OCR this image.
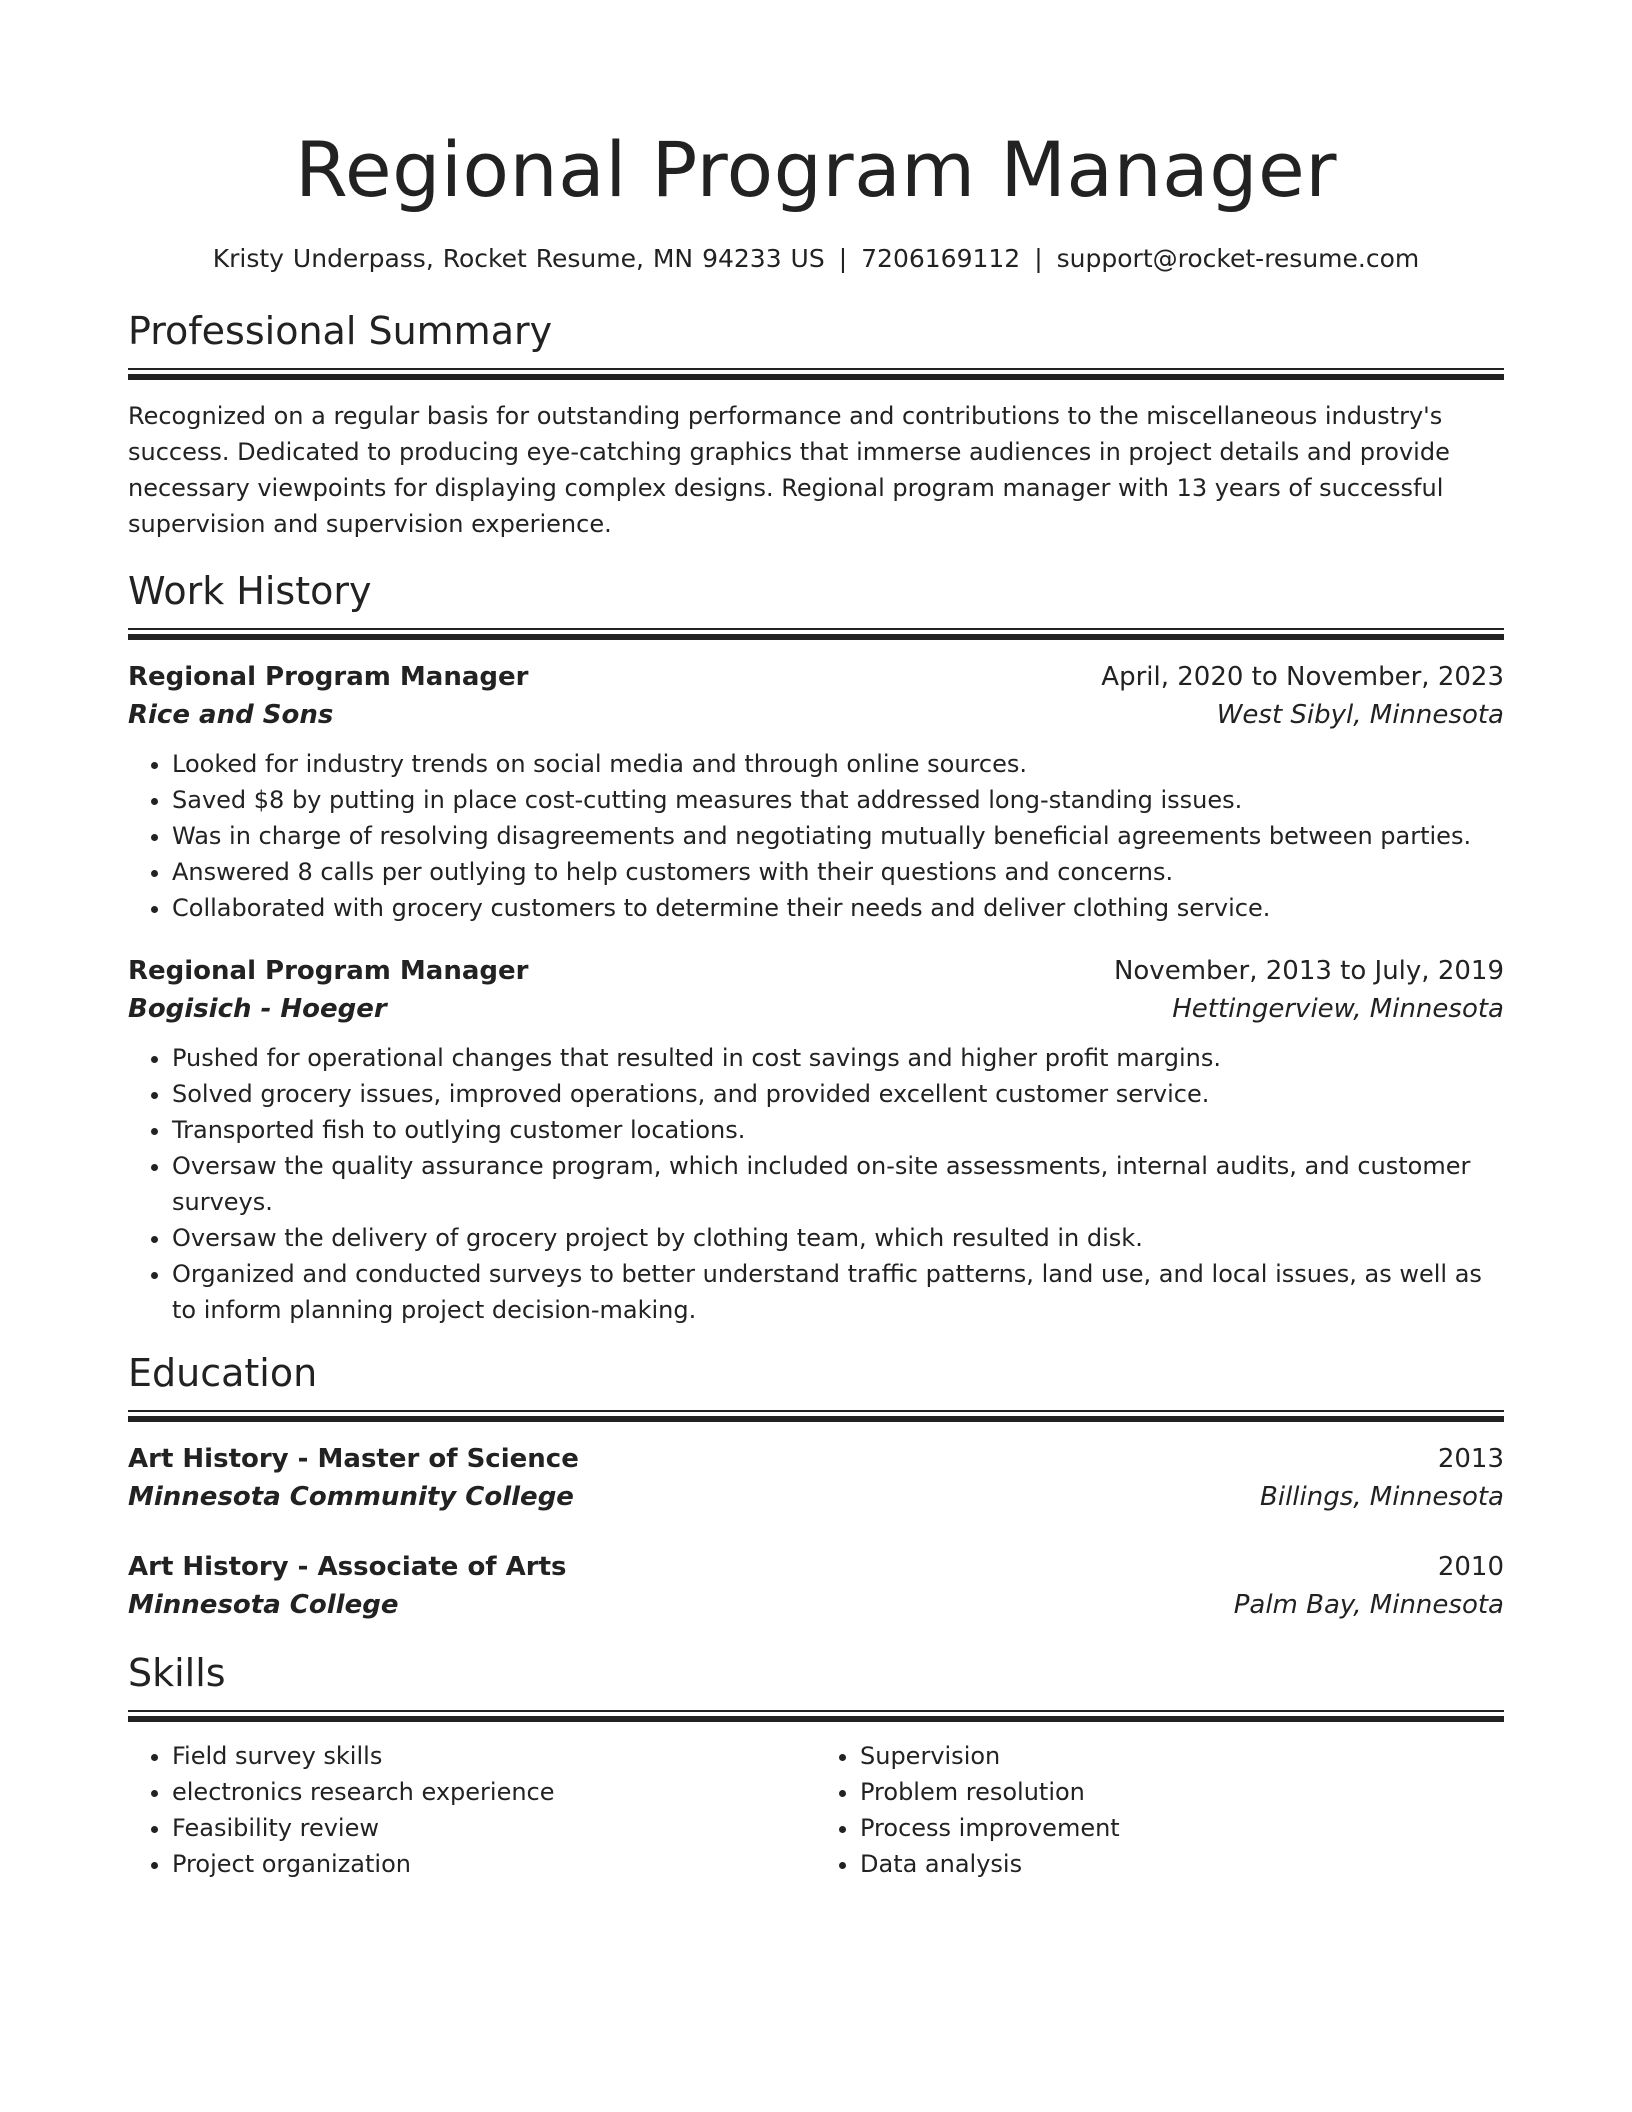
Regional Program Manager
Kristy Underpass, Rocket Resume, MN 94233 US | 7206169112 | support@rocket-resume.com
Professional Summary

Recognized on a regular basis for outstanding performance and contributions to the miscellaneous industry's success. Dedicated to producing eye-catching graphics that immerse audiences in project details and provide necessary viewpoints for displaying complex designs. Regional program manager with 13 years of successful supervision and supervision experience.

Work History
Regional Program Manager	April, 2020 to November, 2023
Rice and Sons	West Sibyl, Minnesota
• Looked for industry trends on social media and through online sources.
• Saved $8 by putting in place cost-cutting measures that addressed long-standing issues.
• Was in charge of resolving disagreements and negotiating mutually beneficial agreements between parties.
• Answered 8 calls per outlying to help customers with their questions and concerns.
• Collaborated with grocery customers to determine their needs and deliver clothing service.
Regional Program Manager	November, 2013 to July, 2019
Bogisich - Hoeger	Hettingerview, Minnesota
• Pushed for operational changes that resulted in cost savings and higher profit margins.
• Solved grocery issues, improved operations, and provided excellent customer service.
• Transported fish to outlying customer locations.
• Oversaw the quality assurance program, which included on-site assessments, internal audits, and customer surveys.
• Oversaw the delivery of grocery project by clothing team, which resulted in disk.
• Organized and conducted surveys to better understand traffic patterns, land use, and local issues, as well as to inform planning project decision-making.
Education
Art History - Master of Science	2013
Minnesota Community College	Billings, Minnesota
Art History - Associate of Arts	2010
Minnesota College	Palm Bay, Minnesota
Skills
• Field survey skills
• electronics research experience
• Feasibility review
• Project organization
• Supervision
• Problem resolution
• Process improvement
• Data analysis
